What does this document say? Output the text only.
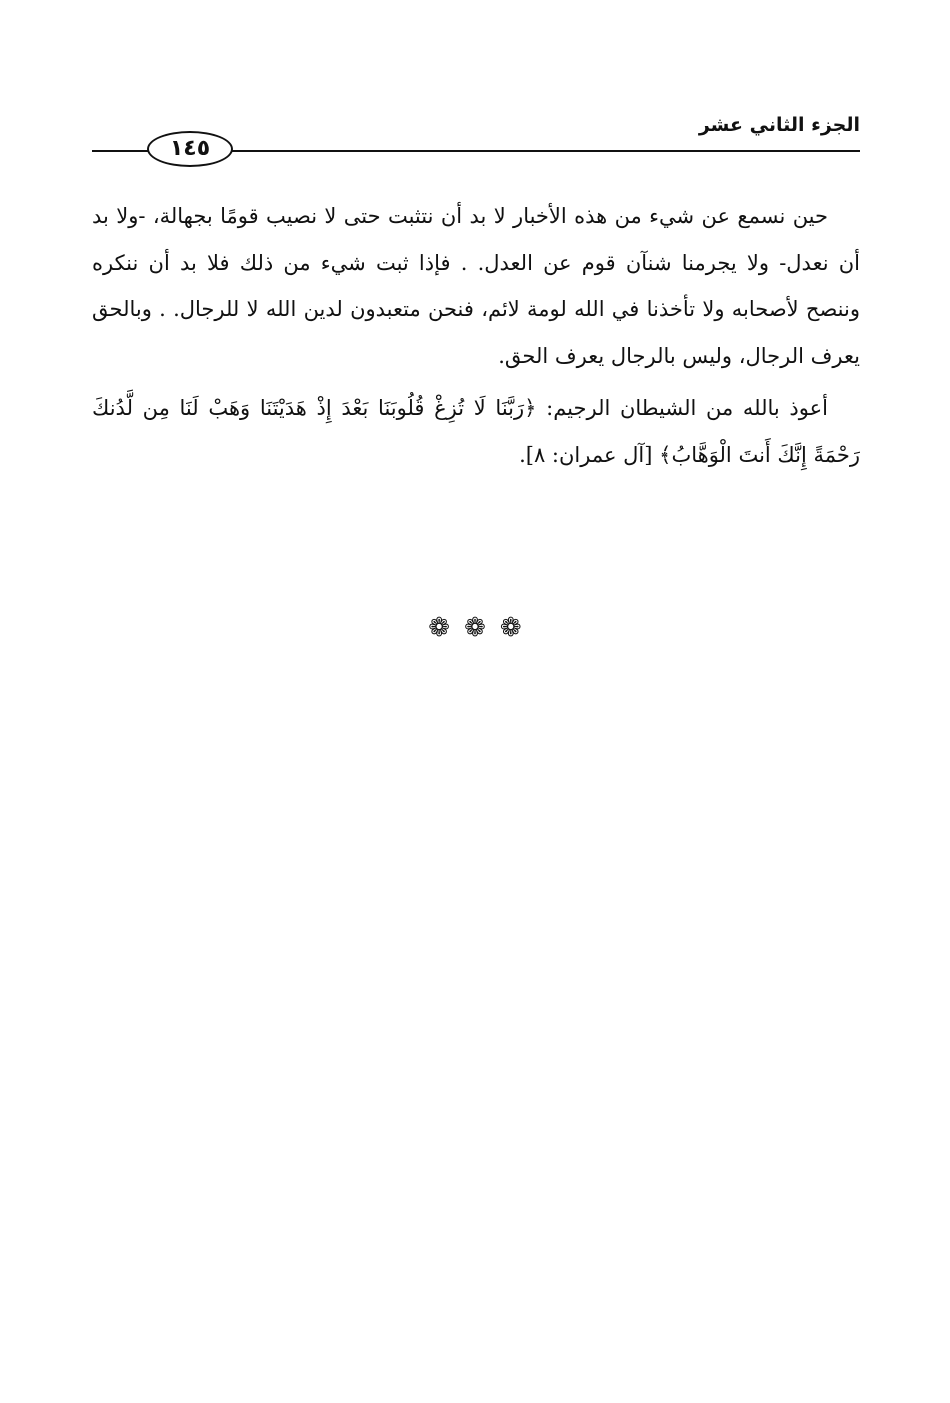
الجزء الثاني عشر
١٤٥

حين نسمع عن شيء من هذه الأخبار لا بد أن نتثبت حتى لا نصيب قومًا بجهالة، -ولا بد أن نعدل- ولا يجرمنا شنآن قوم عن العدل. . فإذا ثبت شيء من ذلك فلا بد أن ننكره وننصح لأصحابه ولا تأخذنا في الله لومة لائم، فنحن متعبدون لدين الله لا للرجال. . وبالحق يعرف الرجال، وليس بالرجال يعرف الحق.

أعوذ بالله من الشيطان الرجيم: ﴿رَبَّنَا لَا تُزِغْ قُلُوبَنَا بَعْدَ إِذْ هَدَيْتَنَا وَهَبْ لَنَا مِن لَّدُنكَ رَحْمَةً إِنَّكَ أَنتَ الْوَهَّابُ﴾ [آل عمران: ٨].

❁ ❁ ❁
